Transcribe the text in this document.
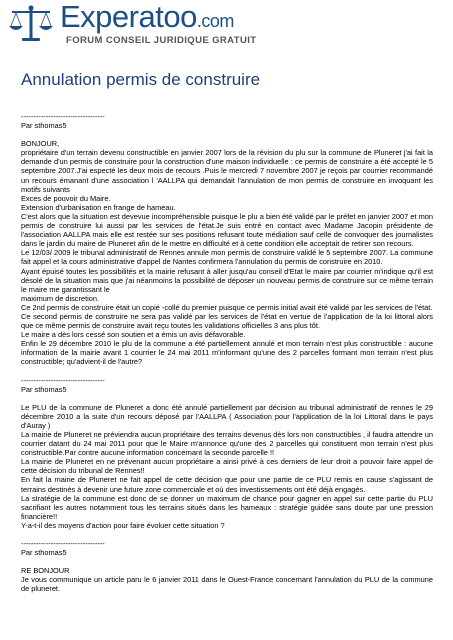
Experatoo.com
FORUM CONSEIL JURIDIQUE GRATUIT
Annulation permis de construire

----------------------------------

Par sthomas5

BONJOUR,

propriétaire d'un terrain devenu constructible en janvier 2007 lors de la révision du plu sur la commune de Pluneret j'ai fait la demande d'un permis de construire pour la construction d'une maison individuelle : ce permis de construire a été accepté le 5 septembre 2007.J'ai especté les deux mois de recours .Puis le mercredi 7 novembre 2007 je reçois par courrier recommandé un recours émanant d'une association l 'AALLPA qui demandait l'annulation de mon permis de construire en invoquant les motifs suivants

Exces de pouvoir du Maire.

Extension d'urbanisation en frange de hameau.

C'est alors que la situation est devevue incompréhensible puisque le plu a bien été validé par le préfet en janvier 2007 et mon permis de construire lui aussi par les services de l'état.Je suis entré en contact avec Madame Jacopin présidente de l'association AALLPA mais elle est restée sur ses positions refusant toute médiation sauf celle de convoquer des journalistes dans le jardin du maire de Pluneret afin de le mettre en difficulté et à cette condition elle acceptait de retirer son recours.

Le 12/03/ 2009 le tribunal administratif de Rennes annule mon permis de construire validé le 5 septembre 2007. La commune fait appel et la cours administrative d'appel de Nantes confirmera l'annulation du permis de construire en 2010.

Ayant épuisé toutes les possibilités et la mairie refusant à aller jusqu'au conseil d'Etat le maire par courrier m'indique qu'il est désolé de la situation mais que j'ai néanmoins la possibilité de déposer un nouveau permis de construire sur ce même terrain le maire me garantissant le

maximum de discretion.

Ce 2nd permis de construire était un copié -collé du premier puisque ce permis initial avait été validé par les services de l'état.

Ce second permis de construire ne sera pas validé par les services de l'état en vertue de l'application de la loi littoral alors que ce même permis de construire avait reçu toutes les validations officielles 3 ans plus tôt.

Le maire a dès lors cessé son soutien et a émis un avis défavorable.

Enfin le 29 décembre 2010 le plu de la commune a été partiellement annulé et mon terrain n'est plus constructible : aucune information de la mairie avant 1 courrier le 24 mai 2011 m'informant qu'une des 2 parcelles formant mon terrain n'est plus constructible; qu'advient-il de l'autre?

----------------------------------

Par sthomas5

Le PLU de la commune de Pluneret a donc été annulé partiellement par décision au tribunal administratif de rennes le 29 décembre 2010 a la suite d'un recours déposé par l'AALLPA ( Association pour l'application de la loi Littoral dans le pays d'Auray )

La mairie de Pluneret ne préviendra aucun propriétaire des terrains devenus dès lors non constructibles , il faudra attendre un courrier datant du 24 mai 2011 pour que le Maire m'annonce qu'une des 2 parcelles qui constituent mon terrain n'est plus constructible.Par contre aucune information concernant la seconde parcelle !!

La mairie de Pluneret en ne prévenant aucun propriétaire a ainsi privé à ces derniers de leur droit a pouvoir faire appel de cette décision du tribunal de Rennes!!

En fait la mairie de Pluneret ne fait appel de cette décision que pour une partie de ce PLU remis en cause s'agissant de terrains destinés à devenir une future zone commerciale et où des investissements ont été déjà engagés.

La stratégie de la commune est donc de se donner un maximum de chance pour gagner en appel sur cette partie du PLU sacrifiant les autres notamment tous les terrains situés dans les hameaux : stratégie guidée sans doute par une pression financière!!

Y-a-t-il des moyens d'action pour faire évoluer cette situation ?

----------------------------------

Par sthomas5

RE BONJOUR

Je vous communique un article paru le 6 janvier 2011 dans le Ouest-France concernant l'annulation du PLU de la commune de pluneret.
